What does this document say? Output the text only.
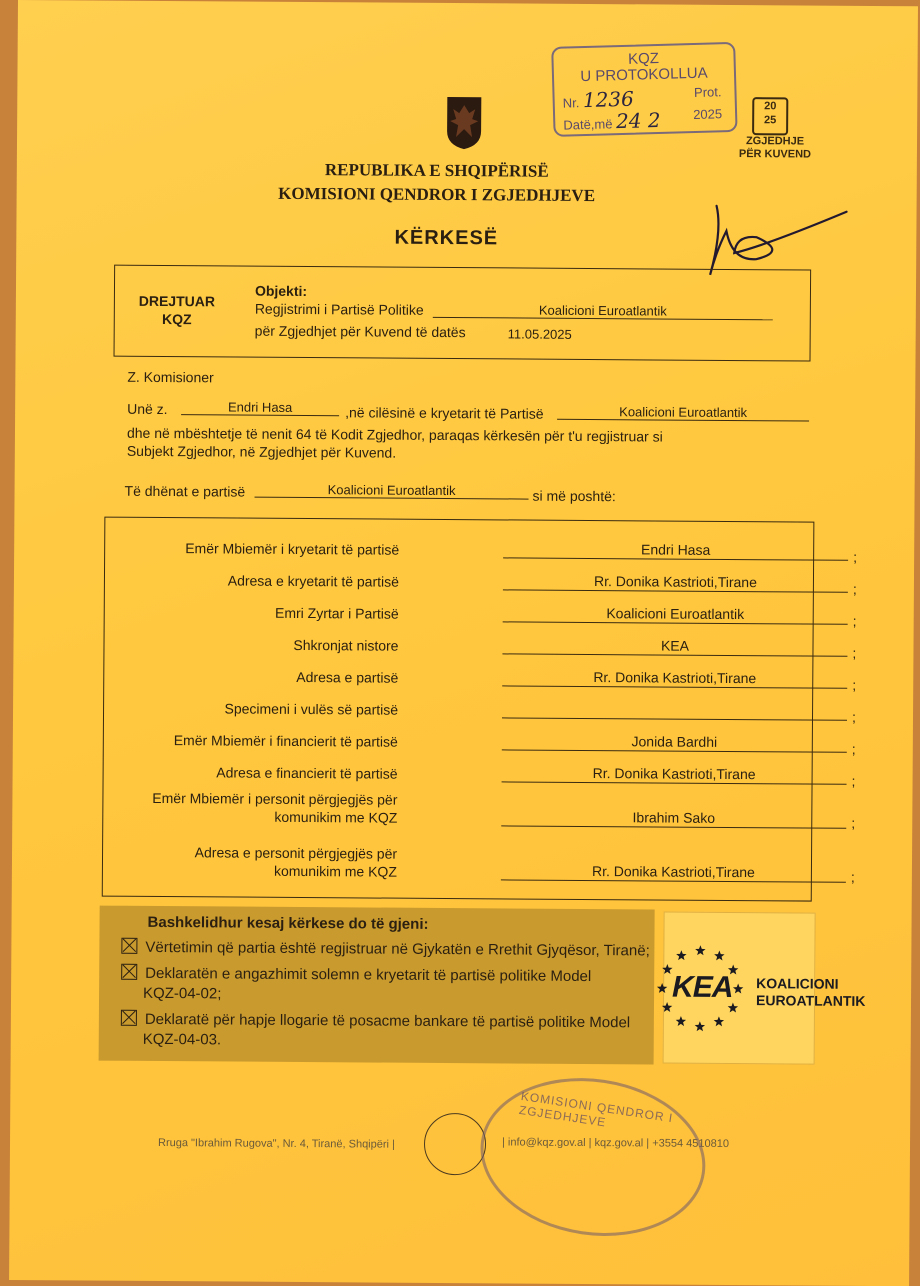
KQZ
U PROTOKOLLUA
Nr. 1236	Prot.
Datë,më 24 2 2025	20
25
ZGJEDHJE
PËR KUVEND
REPUBLIKA E SHQIPËRISË
KOMISIONI QENDROR I ZGJEDHJEVE
KËRKESË
DREJTUAR
KQZ
Objekti:
Regjistrimi i Partisë Politike	Koalicioni Euroatlantik
për Zgjedhjet për Kuvend të datës	11.05.2025
Z. Komisioner
Unë z.	Endri Hasa	,në cilësinë e kryetarit të Partisë	Koalicioni Euroatlantik
dhe në mbështetje të nenit 64 të Kodit Zgjedhor, paraqas kërkesën për t'u regjistruar si
Subjekt Zgjedhor, në Zgjedhjet për Kuvend.
Të dhënat e partisë	Koalicioni Euroatlantik	si më poshtë:
Emër Mbiemër i kryetarit të partisë	Endri Hasa	;
Adresa e kryetarit të partisë	Rr. Donika Kastrioti,Tirane	;
Emri Zyrtar i Partisë	Koalicioni Euroatlantik	;
Shkronjat nistore	KEA	;
Adresa e partisë	Rr. Donika Kastrioti,Tirane	;
Specimeni i vulës së partisë	;
Emër Mbiemër i financierit të partisë	Jonida Bardhi	;
Adresa e financierit të partisë	Rr. Donika Kastrioti,Tirane	;
Emër Mbiemër i personit përgjegjës për
komunikim me KQZ	Ibrahim Sako	;
Adresa e personit përgjegjës për
komunikim me KQZ	Rr. Donika Kastrioti,Tirane	;
Bashkelidhur kesaj kërkese do të gjeni:
Vërtetimin që partia është regjistruar në Gjykatën e Rrethit Gjyqësor, Tiranë;
Deklaratën e angazhimit solemn e kryetarit të partisë politike Model
KQZ-04-02;
Deklaratë për hapje llogarie të posacme bankare të partisë politike Model
KQZ-04-03.
KEA KOALICIONI
EUROATLANTIK
Rruga "Ibrahim Rugova", Nr. 4, Tiranë, Shqipëri |	| info@kqz.gov.al | kqz.gov.al | +3554 4510810
KOMISIONI QENDROR I ZGJEDHJEVE
